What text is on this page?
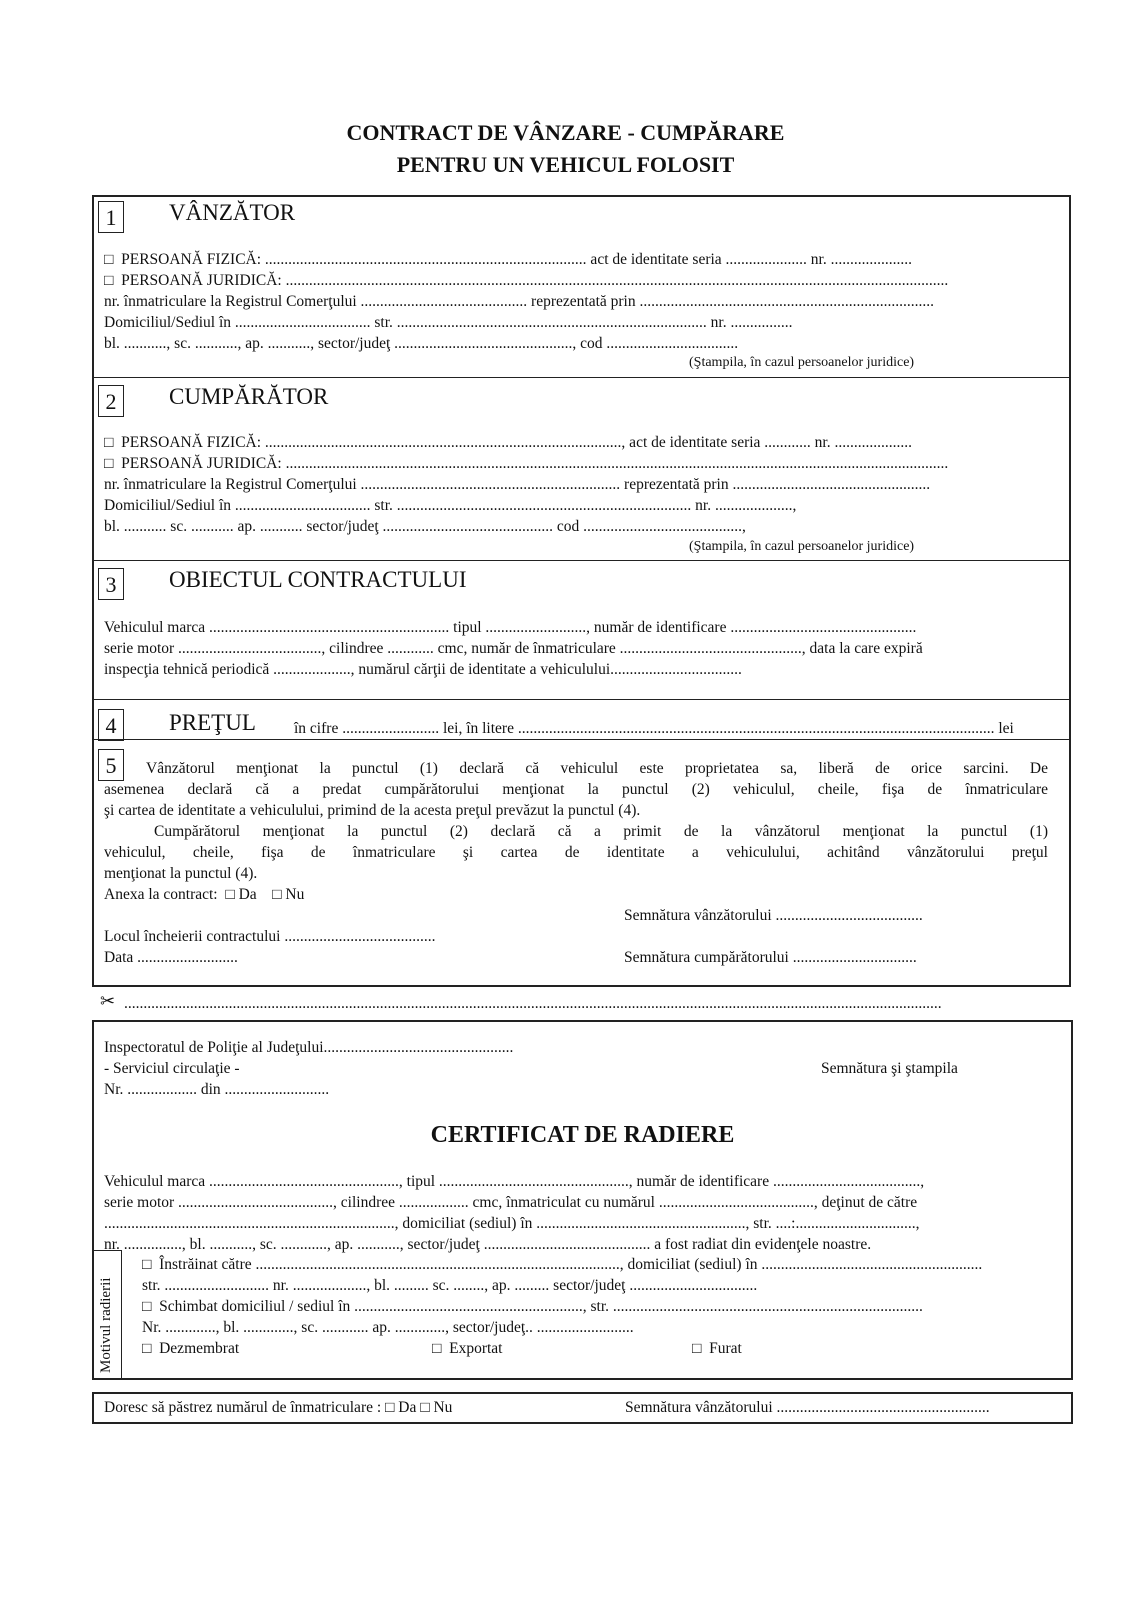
CONTRACT DE VÂNZARE - CUMPĂRARE
PENTRU UN VEHICUL FOLOSIT
1	VÂNZĂTOR
□  PERSOANĂ FIZICĂ: ................................................................................... act de identitate seria ..................... nr. .....................
□  PERSOANĂ JURIDICĂ: ...........................................................................................................................................................................
nr. înmatriculare la Registrul Comerţului ........................................... reprezentată prin ............................................................................
Domiciliul/Sediul în ................................... str. ................................................................................ nr. ................
bl. ..........., sc. ..........., ap. ..........., sector/judeţ .............................................., cod ..................................
(Ştampila, în cazul persoanelor juridice)
2	CUMPĂRĂTOR
□  PERSOANĂ FIZICĂ: ............................................................................................, act de identitate seria ............ nr. ....................
□  PERSOANĂ JURIDICĂ: ...........................................................................................................................................................................
nr. înmatriculare la Registrul Comerţului ................................................................... reprezentată prin ...................................................
Domiciliul/Sediul în ................................... str. ............................................................................ nr. ....................,
bl. ........... sc. ........... ap. ........... sector/judeţ ............................................ cod .........................................,
(Ştampila, în cazul persoanelor juridice)
3	OBIECTUL CONTRACTULUI
Vehiculul marca .............................................................. tipul .........................., număr de identificare ................................................
serie motor ....................................., cilindree ............ cmc, număr de înmatriculare ..............................................., data la care expiră
inspecţia tehnică periodică ...................., numărul cărţii de identitate a vehiculului..................................
4	PREŢUL în cifre ......................... lei, în litere ........................................................................................................................... lei
5	Vânzătorul menţionat la punctul (1) declară că vehiculul este proprietatea sa, liberă de orice sarcini. De
asemenea declară că a predat cumpărătorului menţionat la punctul (2) vehiculul, cheile, fişa de înmatriculare
şi cartea de identitate a vehiculului, primind de la acesta preţul prevăzut la punctul (4).
Cumpărătorul menţionat la punctul (2) declară că a primit de la vânzătorul menţionat la punctul (1)
vehiculul, cheile, fişa de înmatriculare şi cartea de identitate a vehiculului, achitând vânzătorului preţul
menţionat la punctul (4).
Anexa la contract:  □ Da    □ Nu
Semnătura vânzătorului ......................................
Locul încheierii contractului .......................................
Data ..........................	Semnătura cumpărătorului ................................
✂ ...................................................................................................................................................................................................................
Inspectoratul de Poliţie al Judeţului.................................................
- Serviciul circulaţie -
Nr. .................. din ...........................
Semnătura şi ştampila
CERTIFICAT DE RADIERE
Vehiculul marca ................................................., tipul ................................................., număr de identificare ......................................,
serie motor ........................................, cilindree .................. cmc, înmatriculat cu numărul ........................................, deţinut de către
..........................................................................., domiciliat (sediul) în ......................................................, str. ....:...............................,
nr. ..............., bl. ..........., sc. ............, ap. ..........., sector/judeţ ........................................... a fost radiat din evidenţele noastre.
Motivul radierii
□  Înstrăinat către .............................................................................................., domiciliat (sediul) în .........................................................
str. ........................... nr. ..................., bl. ......... sc. ........, ap. ......... sector/judeţ .................................
□  Schimbat domiciliul / sediul în ..........................................................., str. ................................................................................
Nr. ............., bl. ............., sc. ............ ap. ............., sector/judeţ.. .........................
□  Dezmembrat	□  Exportat	□  Furat
Doresc să păstrez numărul de înmatriculare : □ Da □ Nu	Semnătura vânzătorului .......................................................
